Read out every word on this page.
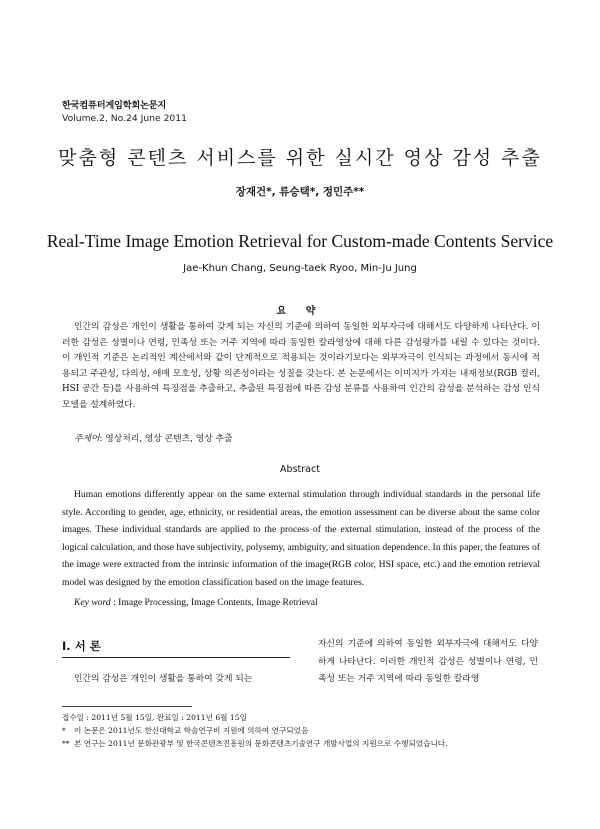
한국컴퓨터게임학회논문지
Volume.2, No.24 June 2011
맞춤형 콘텐츠 서비스를 위한 실시간 영상 감성 추출
장재건*, 류승택*, 정민주**
Real-Time Image Emotion Retrieval for Custom-made Contents Service
Jae-Khun Chang, Seung-taek Ryoo, Min-Ju Jung
요 약
인간의 감성은 개인이 생활을 통하여 갖게 되는 자신의 기준에 의하여 동일한 외부자극에 대해서도 다양하게 나타난다. 이러한 감성은 성별이나 연령, 민족성 또는 거주 지역에 따라 동일한 칼라영상에 대해 다른 감성평가를 내릴 수 있다는 것이다. 이 개인적 기준은 논리적인 계산에서와 같이 단계적으로 적용되는 것이라기보다는 외부자극이 인식되는 과정에서 동시에 적용되고 주관성, 다의성, 애매 모호성, 상황 의존성이라는 성질을 갖는다. 본 논문에서는 이미지가 가지는 내재정보(RGB 컬러, HSI 공간 등)를 사용하여 특징점을 추출하고, 추출된 특징점에 따른 감성 분류를 사용하여 인간의 감성을 분석하는 감성 인식 모델을 설계하였다.
주제어: 영상처리, 영상 콘텐츠, 영상 추출
Abstract
Human emotions differently appear on the same external stimulation through individual standards in the personal life style. According to gender, age, ethnicity, or residential areas, the emotion assessment can be diverse about the same color images. These individual standards are applied to the process of the external stimulation, instead of the process of the logical calculation, and those have subjectivity, polysemy, ambiguity, and situation dependence. In this paper, the features of the image were extracted from the intrinsic information of the image(RGB color, HSI space, etc.) and the emotion retrieval model was designed by the emotion classification based on the image features.
Key word : Image Processing, Image Contents, Image Retrieval
Ⅰ. 서 론
인간의 감성은 개인이 생활을 통하여 갖게 되는
자신의 기준에 의하여 동일한 외부자극에 대해서도 다양하게 나타난다. 이러한 개인적 감성은 성별이나 연령, 민족성 또는 거주 지역에 따라 동일한 칼라영
접수일 : 2011년 5월 15일, 완료일 : 2011년 6월 15일
* 이 논문은 2011년도 한신대학교 학술연구비 지원에 의하여 연구되었음
** 본 연구는 2011년 문화관광부 및 한국콘텐츠진흥원의 문화콘텐츠기술연구 개발사업의 지원으로 수행되었습니다.
